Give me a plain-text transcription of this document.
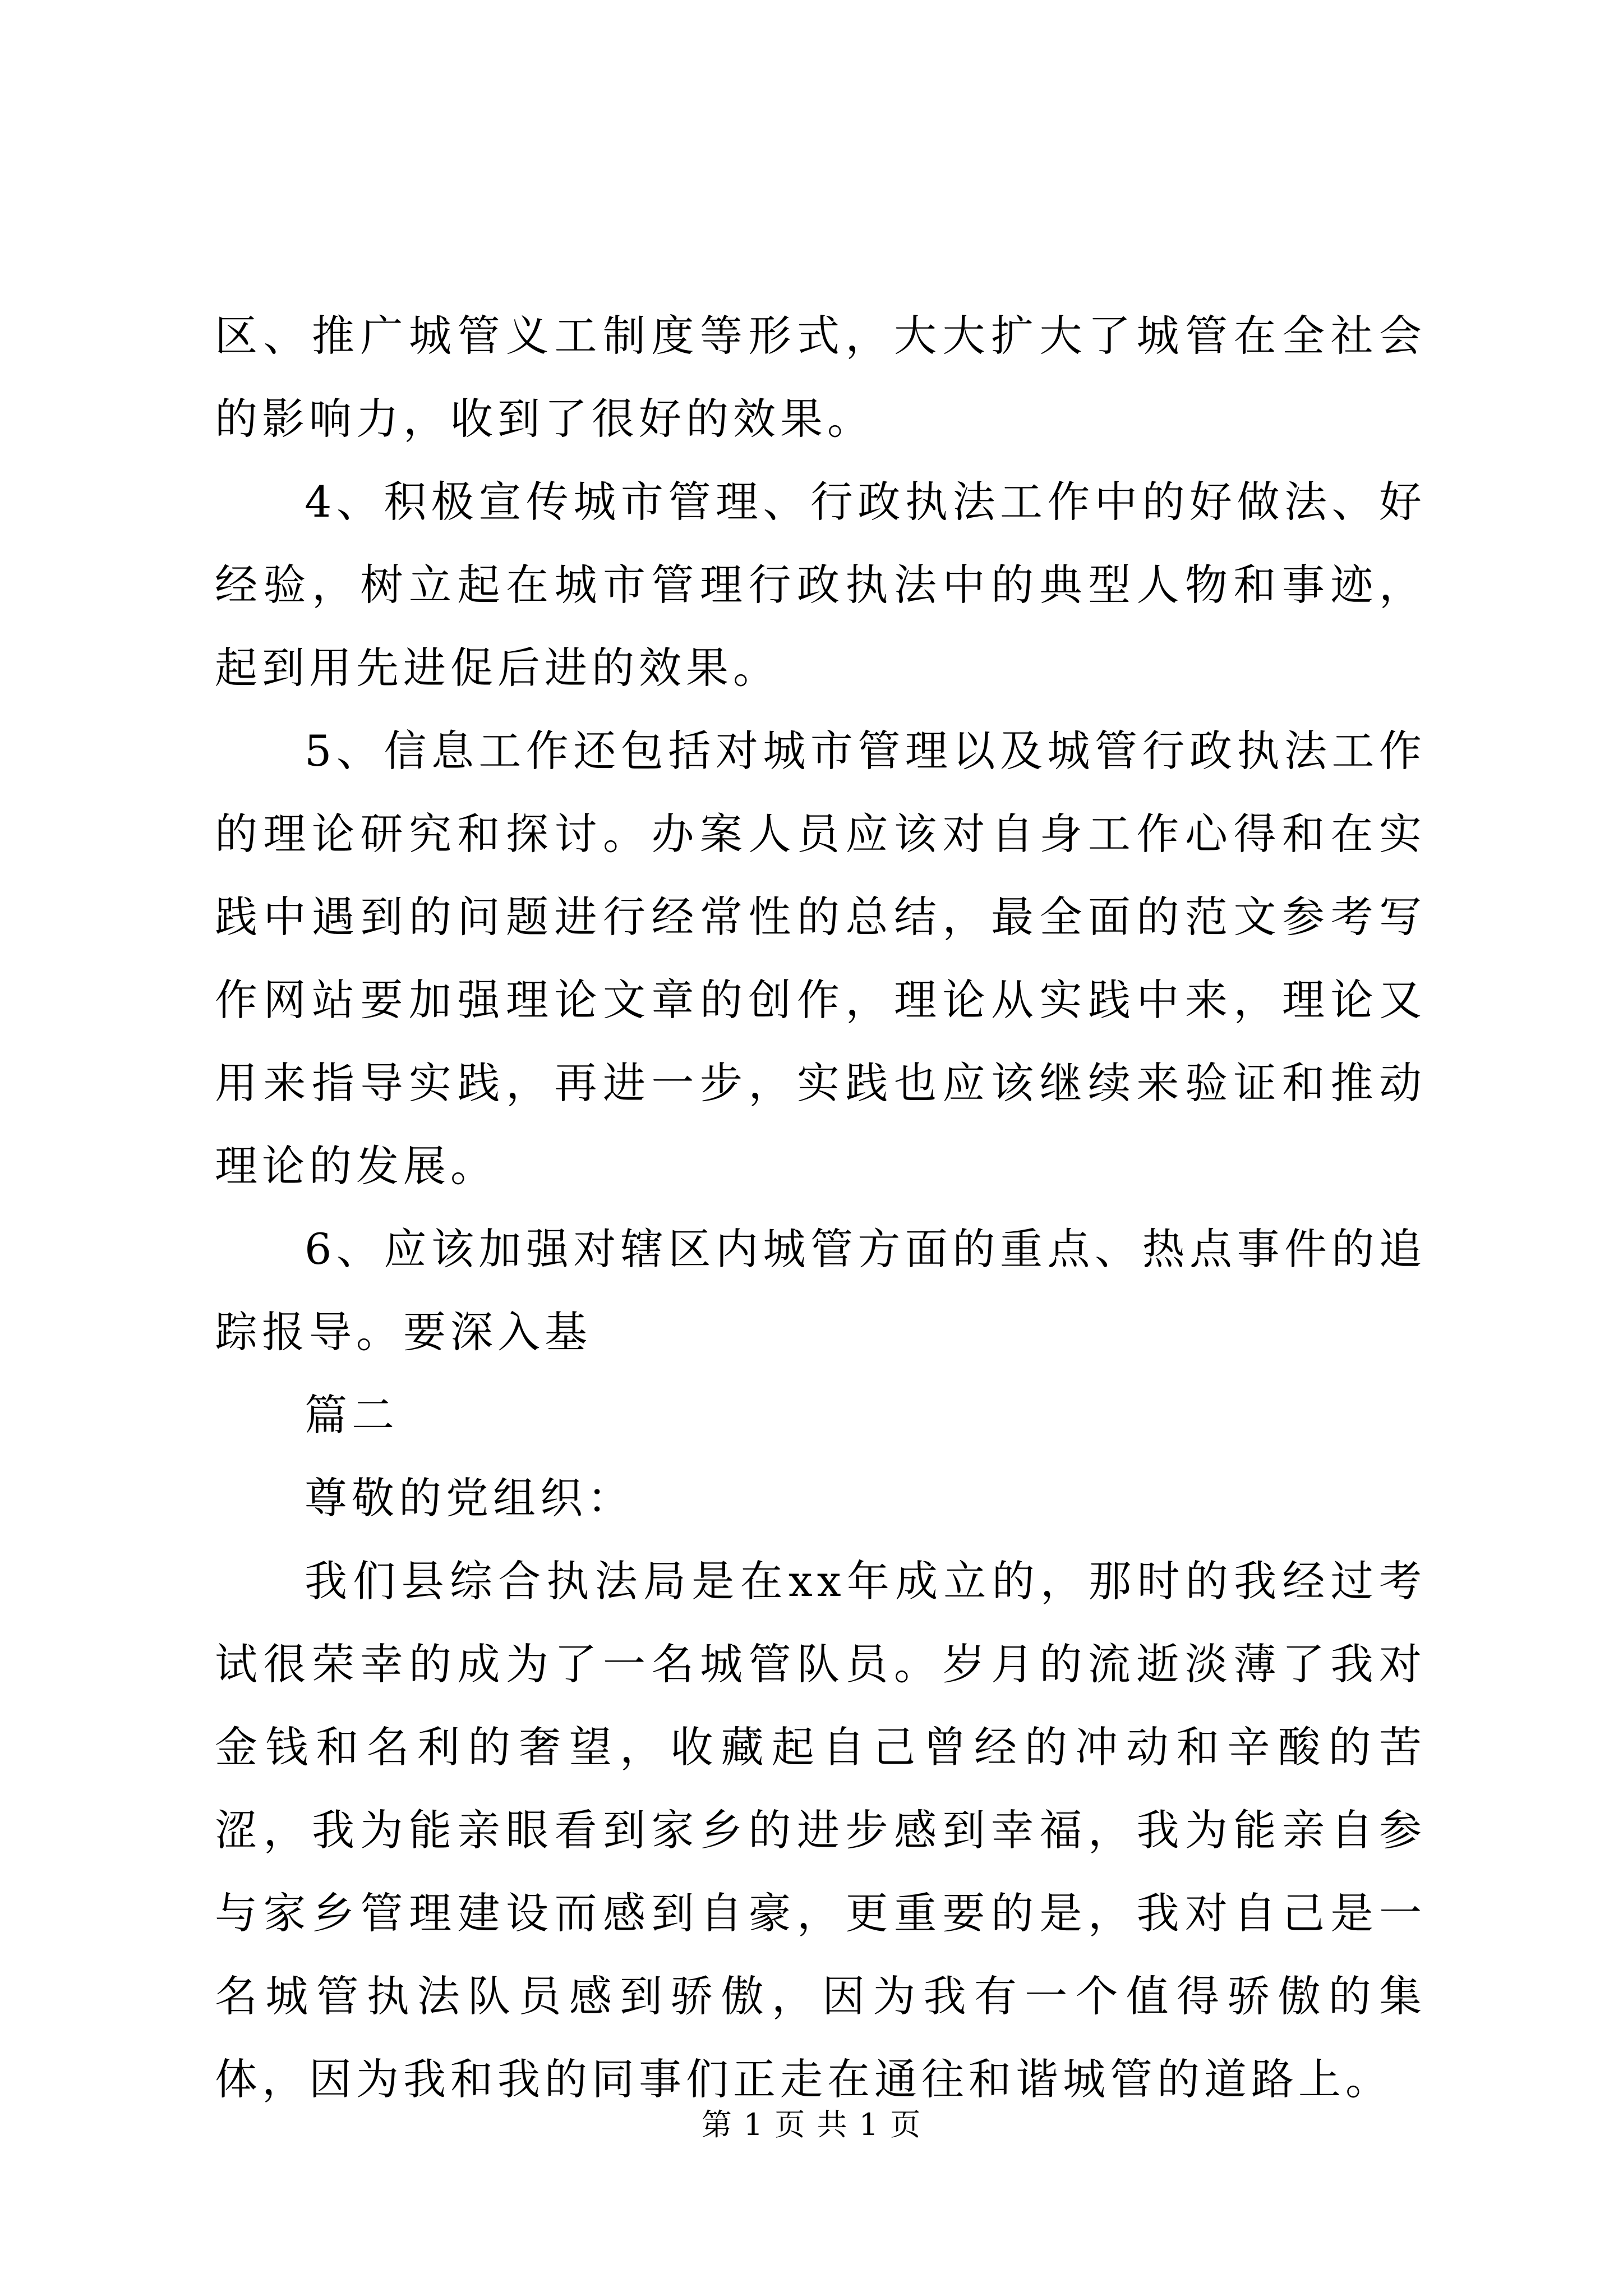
区、推广城管义工制度等形式，大大扩大了城管在全社会的影响力，收到了很好的效果。

4、积极宣传城市管理、行政执法工作中的好做法、好经验，树立起在城市管理行政执法中的典型人物和事迹，起到用先进促后进的效果。

5、信息工作还包括对城市管理以及城管行政执法工作的理论研究和探讨。办案人员应该对自身工作心得和在实践中遇到的问题进行经常性的总结，最全面的范文参考写作网站要加强理论文章的创作，理论从实践中来，理论又用来指导实践，再进一步，实践也应该继续来验证和推动理论的发展。

6、应该加强对辖区内城管方面的重点、热点事件的追踪报导。要深入基

篇二

尊敬的党组织：

我们县综合执法局是在xx年成立的，那时的我经过考试很荣幸的成为了一名城管队员。岁月的流逝淡薄了我对金钱和名利的奢望，收藏起自己曾经的冲动和辛酸的苦涩，我为能亲眼看到家乡的进步感到幸福，我为能亲自参与家乡管理建设而感到自豪，更重要的是，我对自己是一名城管执法队员感到骄傲，因为我有一个值得骄傲的集体，因为我和我的同事们正走在通往和谐城管的道路上。

第 1 页 共 1 页
